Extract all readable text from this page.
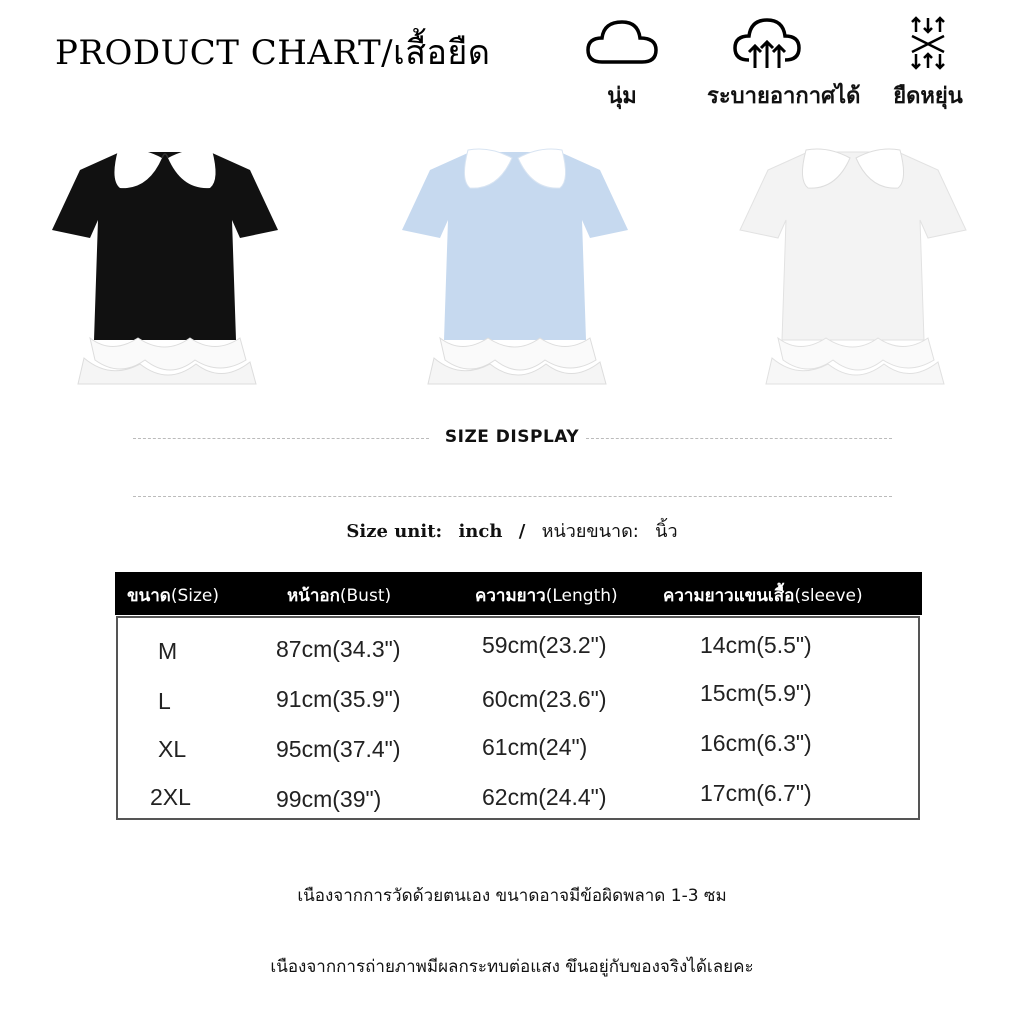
PRODUCT CHART/เสื้อยืด
นุ่ม	ระบายอากาศได้	ยืดหยุ่น
SIZE DISPLAY
Size unit: inch / หน่วยขนาด: นิ้ว
ขนาด(Size)	หน้าอก(Bust)	ความยาว(Length)	ความยาวแขนเสื้อ(sleeve)
M	87cm(34.3")	59cm(23.2")	14cm(5.5")
L	91cm(35.9")	60cm(23.6")	15cm(5.9")
XL	95cm(37.4")	61cm(24")	16cm(6.3")
2XL	99cm(39")	62cm(24.4")	17cm(6.7")
เนืองจากการวัดด้วยตนเอง ขนาดอาจมีข้อผิดพลาด 1-3 ซม
เนืองจากการถ่ายภาพมีผลกระทบต่อแสง ขึนอยู่กับของจริงได้เลยคะ
